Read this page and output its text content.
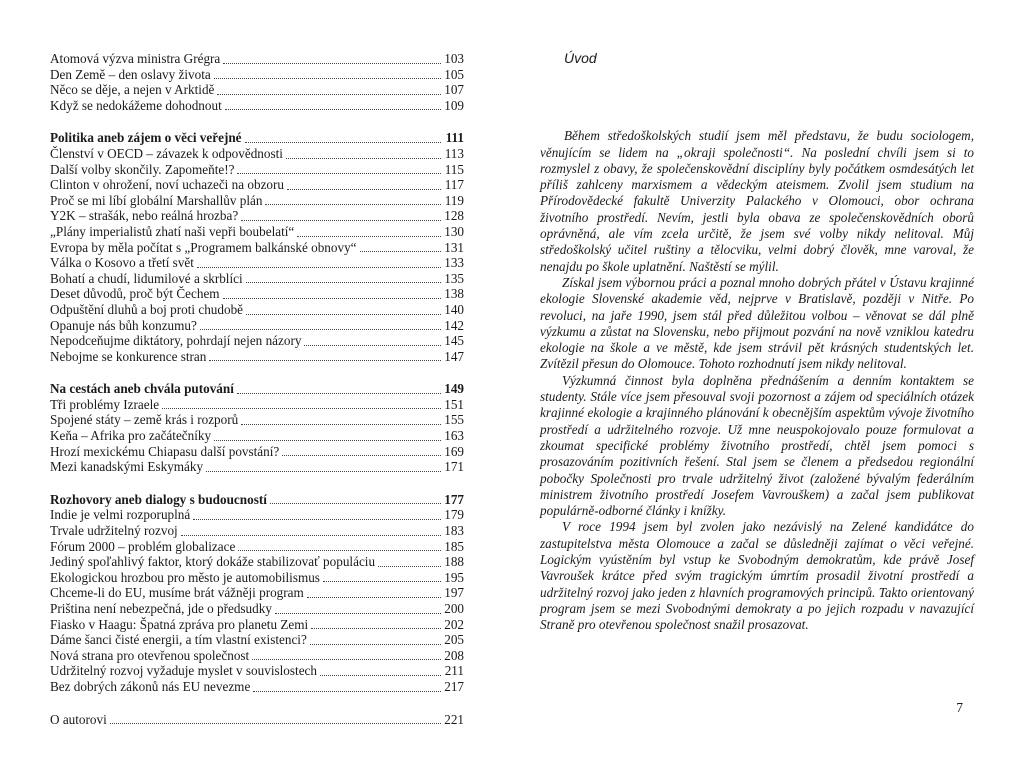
Atomová výzva ministra Grégra	103
Den Země – den oslavy života	105
Něco se děje, a nejen v Arktidě	107
Když se nedokážeme dohodnout	109
Politika aneb zájem o věci veřejné	111
Členství v OECD – závazek k odpovědnosti	113
Další volby skončily. Zapomeňte!?	115
Clinton v ohrožení, noví uchazeči na obzoru	117
Proč se mi líbí globální Marshallův plán	119
Y2K – strašák, nebo reálná hrozba?	128
„Plány imperialistů zhatí naši vepři boubelatí“	130
Evropa by měla počítat s „Programem balkánské obnovy“	131
Válka o Kosovo a třetí svět	133
Bohatí a chudí, lidumilové a skrblíci	135
Deset důvodů, proč být Čechem	138
Odpuštění dluhů a boj proti chudobě	140
Opanuje nás bůh konzumu?	142
Nepodceňujme diktátory, pohrdají nejen názory	145
Nebojme se konkurence stran	147
Na cestách aneb chvála putování	149
Tři problémy Izraele	151
Spojené státy – země krás i rozporů	155
Keňa – Afrika pro začátečníky	163
Hrozí mexickému Chiapasu další povstání?	169
Mezi kanadskými Eskymáky	171
Rozhovory aneb dialogy s budoucností	177
Indie je velmi rozporuplná	179
Trvale udržitelný rozvoj	183
Fórum 2000 – problém globalizace	185
Jediný spoľahlivý faktor, ktorý dokáže stabilizovať populáciu	188
Ekologickou hrozbou pro město je automobilismus	195
Chceme-li do EU, musíme brát vážněji program	197
Priština není nebezpečná, jde o předsudky	200
Fiasko v Haagu: Špatná zpráva pro planetu Zemi	202
Dáme šanci čisté energii, a tím vlastní existenci?	205
Nová strana pro otevřenou společnost	208
Udržitelný rozvoj vyžaduje myslet v souvislostech	211
Bez dobrých zákonů nás EU nevezme	217
O autorovi	221
Úvod

Během středoškolských studií jsem měl představu, že budu sociologem, věnujícím se lidem na „okraji společnosti“. Na poslední chvíli jsem si to rozmyslel z obavy, že společenskovědní disciplíny byly počátkem osmdesátých let příliš zahlceny marxismem a vědeckým ateismem. Zvolil jsem studium na Přírodovědecké fakultě Univerzity Palackého v Olomouci, obor ochrana životního prostředí. Nevím, jestli byla obava ze společenskovědních oborů oprávněná, ale vím zcela určitě, že jsem své volby nikdy nelitoval. Můj středoškolský učitel ruštiny a tělocviku, velmi dobrý člověk, mne varoval, že nenajdu po škole uplatnění. Naštěstí se mýlil.

Získal jsem výbornou práci a poznal mnoho dobrých přátel v Ústavu krajinné ekologie Slovenské akademie věd, nejprve v Bratislavě, později v Nitře. Po revoluci, na jaře 1990, jsem stál před důležitou volbou – věnovat se dál plně výzkumu a zůstat na Slovensku, nebo přijmout pozvání na nově vzniklou katedru ekologie na škole a ve městě, kde jsem strávil pět krásných studentských let. Zvítězil přesun do Olomouce. Tohoto rozhodnutí jsem nikdy nelitoval.

Výzkumná činnost byla doplněna přednášením a denním kontaktem se studenty. Stále více jsem přesouval svoji pozornost a zájem od speciálních otázek krajinné ekologie a krajinného plánování k obecnějším aspektům vývoje životního prostředí a udržitelného rozvoje. Už mne neuspokojovalo pouze formulovat a zkoumat specifické problémy životního prostředí, chtěl jsem pomoci s prosazováním pozitivních řešení. Stal jsem se členem a předsedou regionální pobočky Společnosti pro trvale udržitelný život (založené bývalým federálním ministrem životního prostředí Josefem Vavrouškem) a začal jsem publikovat populárně-odborné články i knížky.

V roce 1994 jsem byl zvolen jako nezávislý na Zelené kandidátce do zastupitelstva města Olomouce a začal se důsledněji zajímat o věci veřejné. Logickým vyústěním byl vstup ke Svobodným demokratům, kde právě Josef Vavroušek krátce před svým tragickým úmrtím prosadil životní prostředí a udržitelný rozvoj jako jeden z hlavních programových principů. Takto orientovaný program jsem se mezi Svobodnými demokraty a po jejich rozpadu v navazující Straně pro otevřenou společnost snažil prosazovat.

7
